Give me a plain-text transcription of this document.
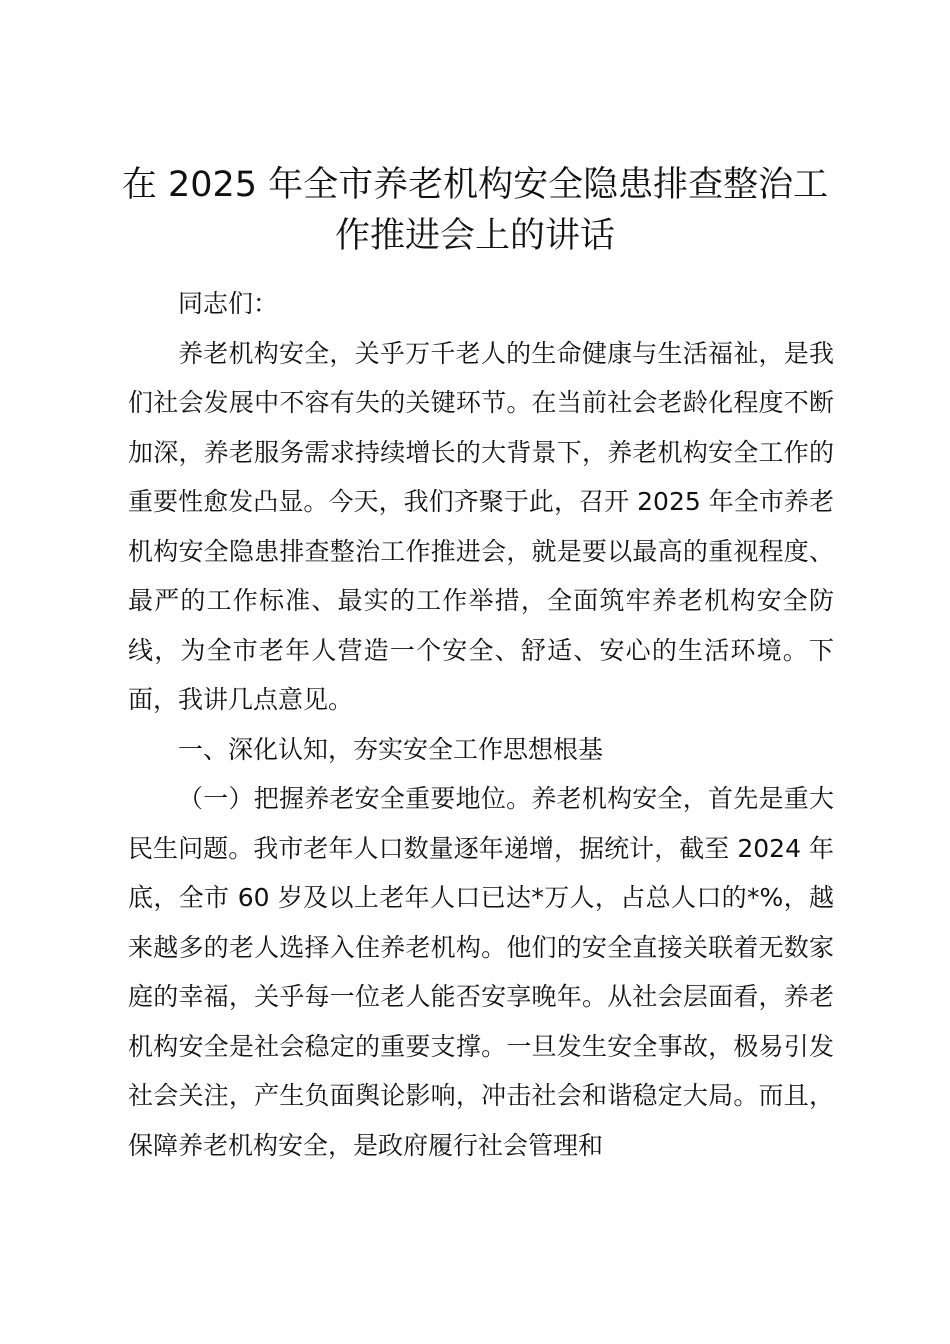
在 2025 年全市养老机构安全隐患排查整治工
作推进会上的讲话

同志们：

养老机构安全，关乎万千老人的生命健康与生活福祉，是我们社会发展中不容有失的关键环节。在当前社会老龄化程度不断加深，养老服务需求持续增长的大背景下，养老机构安全工作的重要性愈发凸显。今天，我们齐聚于此，召开 2025 年全市养老机构安全隐患排查整治工作推进会，就是要以最高的重视程度、最严的工作标准、最实的工作举措，全面筑牢养老机构安全防线，为全市老年人营造一个安全、舒适、安心的生活环境。下面，我讲几点意见。

一、深化认知，夯实安全工作思想根基

（一）把握养老安全重要地位。养老机构安全，首先是重大民生问题。我市老年人口数量逐年递增，据统计，截至 2024 年底，全市 60 岁及以上老年人口已达*万人，占总人口的*%，越来越多的老人选择入住养老机构。他们的安全直接关联着无数家庭的幸福，关乎每一位老人能否安享晚年。从社会层面看，养老机构安全是社会稳定的重要支撑。一旦发生安全事故，极易引发社会关注，产生负面舆论影响，冲击社会和谐稳定大局。而且，保障养老机构安全，是政府履行社会管理和
